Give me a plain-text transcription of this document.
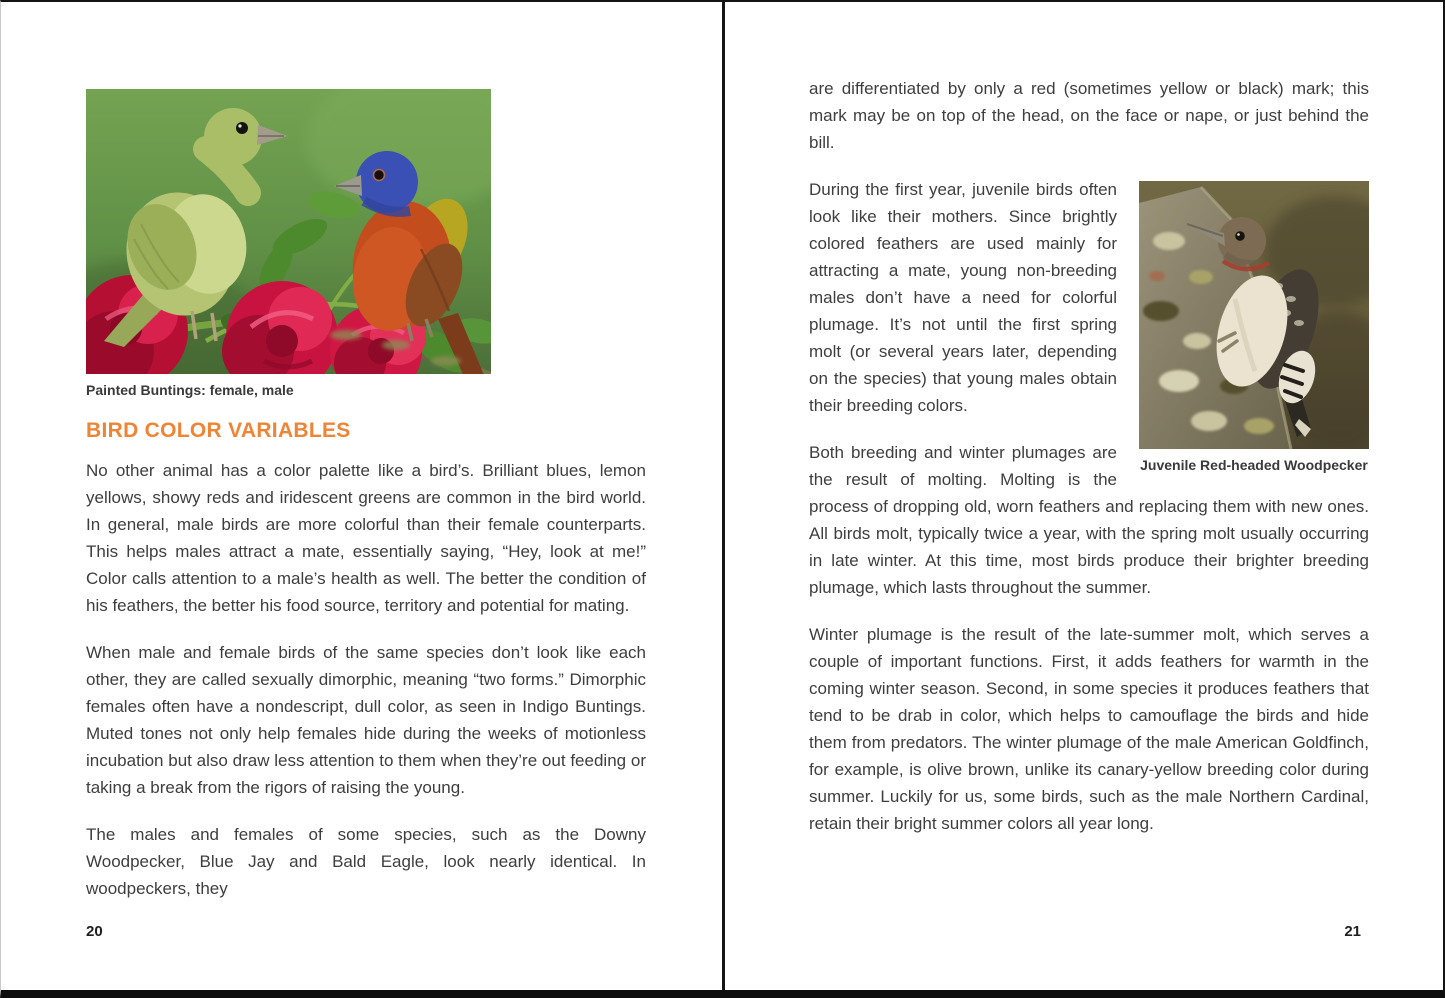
Painted Buntings: female, male
BIRD COLOR VARIABLES

No other animal has a color palette like a bird’s. Brilliant blues, lemon yellows, showy reds and iridescent greens are common in the bird world. In general, male birds are more colorful than their female counterparts. This helps males attract a mate, essentially saying, “Hey, look at me!” Color calls attention to a male’s health as well. The better the condition of his feathers, the better his food source, territory and potential for mating.

When male and female birds of the same species don’t look like each other, they are called sexually dimorphic, meaning “two forms.” Dimorphic females often have a nondescript, dull color, as seen in Indigo Buntings. Muted tones not only help females hide during the weeks of motionless incubation but also draw less attention to them when they’re out feeding or taking a break from the rigors of raising the young.

The males and females of some species, such as the Downy Woodpecker, Blue Jay and Bald Eagle, look nearly identical. In woodpeckers, they

20

are differentiated by only a red (sometimes yellow or black) mark; this mark may be on top of the head, on the face or nape, or just behind the bill.

Juvenile Red-headed Woodpecker

During the first year, juvenile birds often look like their mothers. Since brightly colored feathers are used mainly for attracting a mate, young non-breeding males don’t have a need for colorful plumage. It’s not until the first spring molt (or several years later, depending on the species) that young males obtain their breeding colors.

Both breeding and winter plumages are the result of molting. Molting is the process of dropping old, worn feathers and replacing them with new ones. All birds molt, typically twice a year, with the spring molt usually occurring in late winter. At this time, most birds produce their brighter breeding plumage, which lasts throughout the summer.

Winter plumage is the result of the late-summer molt, which serves a couple of important functions. First, it adds feathers for warmth in the coming winter season. Second, in some species it produces feathers that tend to be drab in color, which helps to camouflage the birds and hide them from predators. The winter plumage of the male American Goldfinch, for example, is olive brown, unlike its canary-yellow breeding color during summer. Luckily for us, some birds, such as the male Northern Cardinal, retain their bright summer colors all year long.

21
